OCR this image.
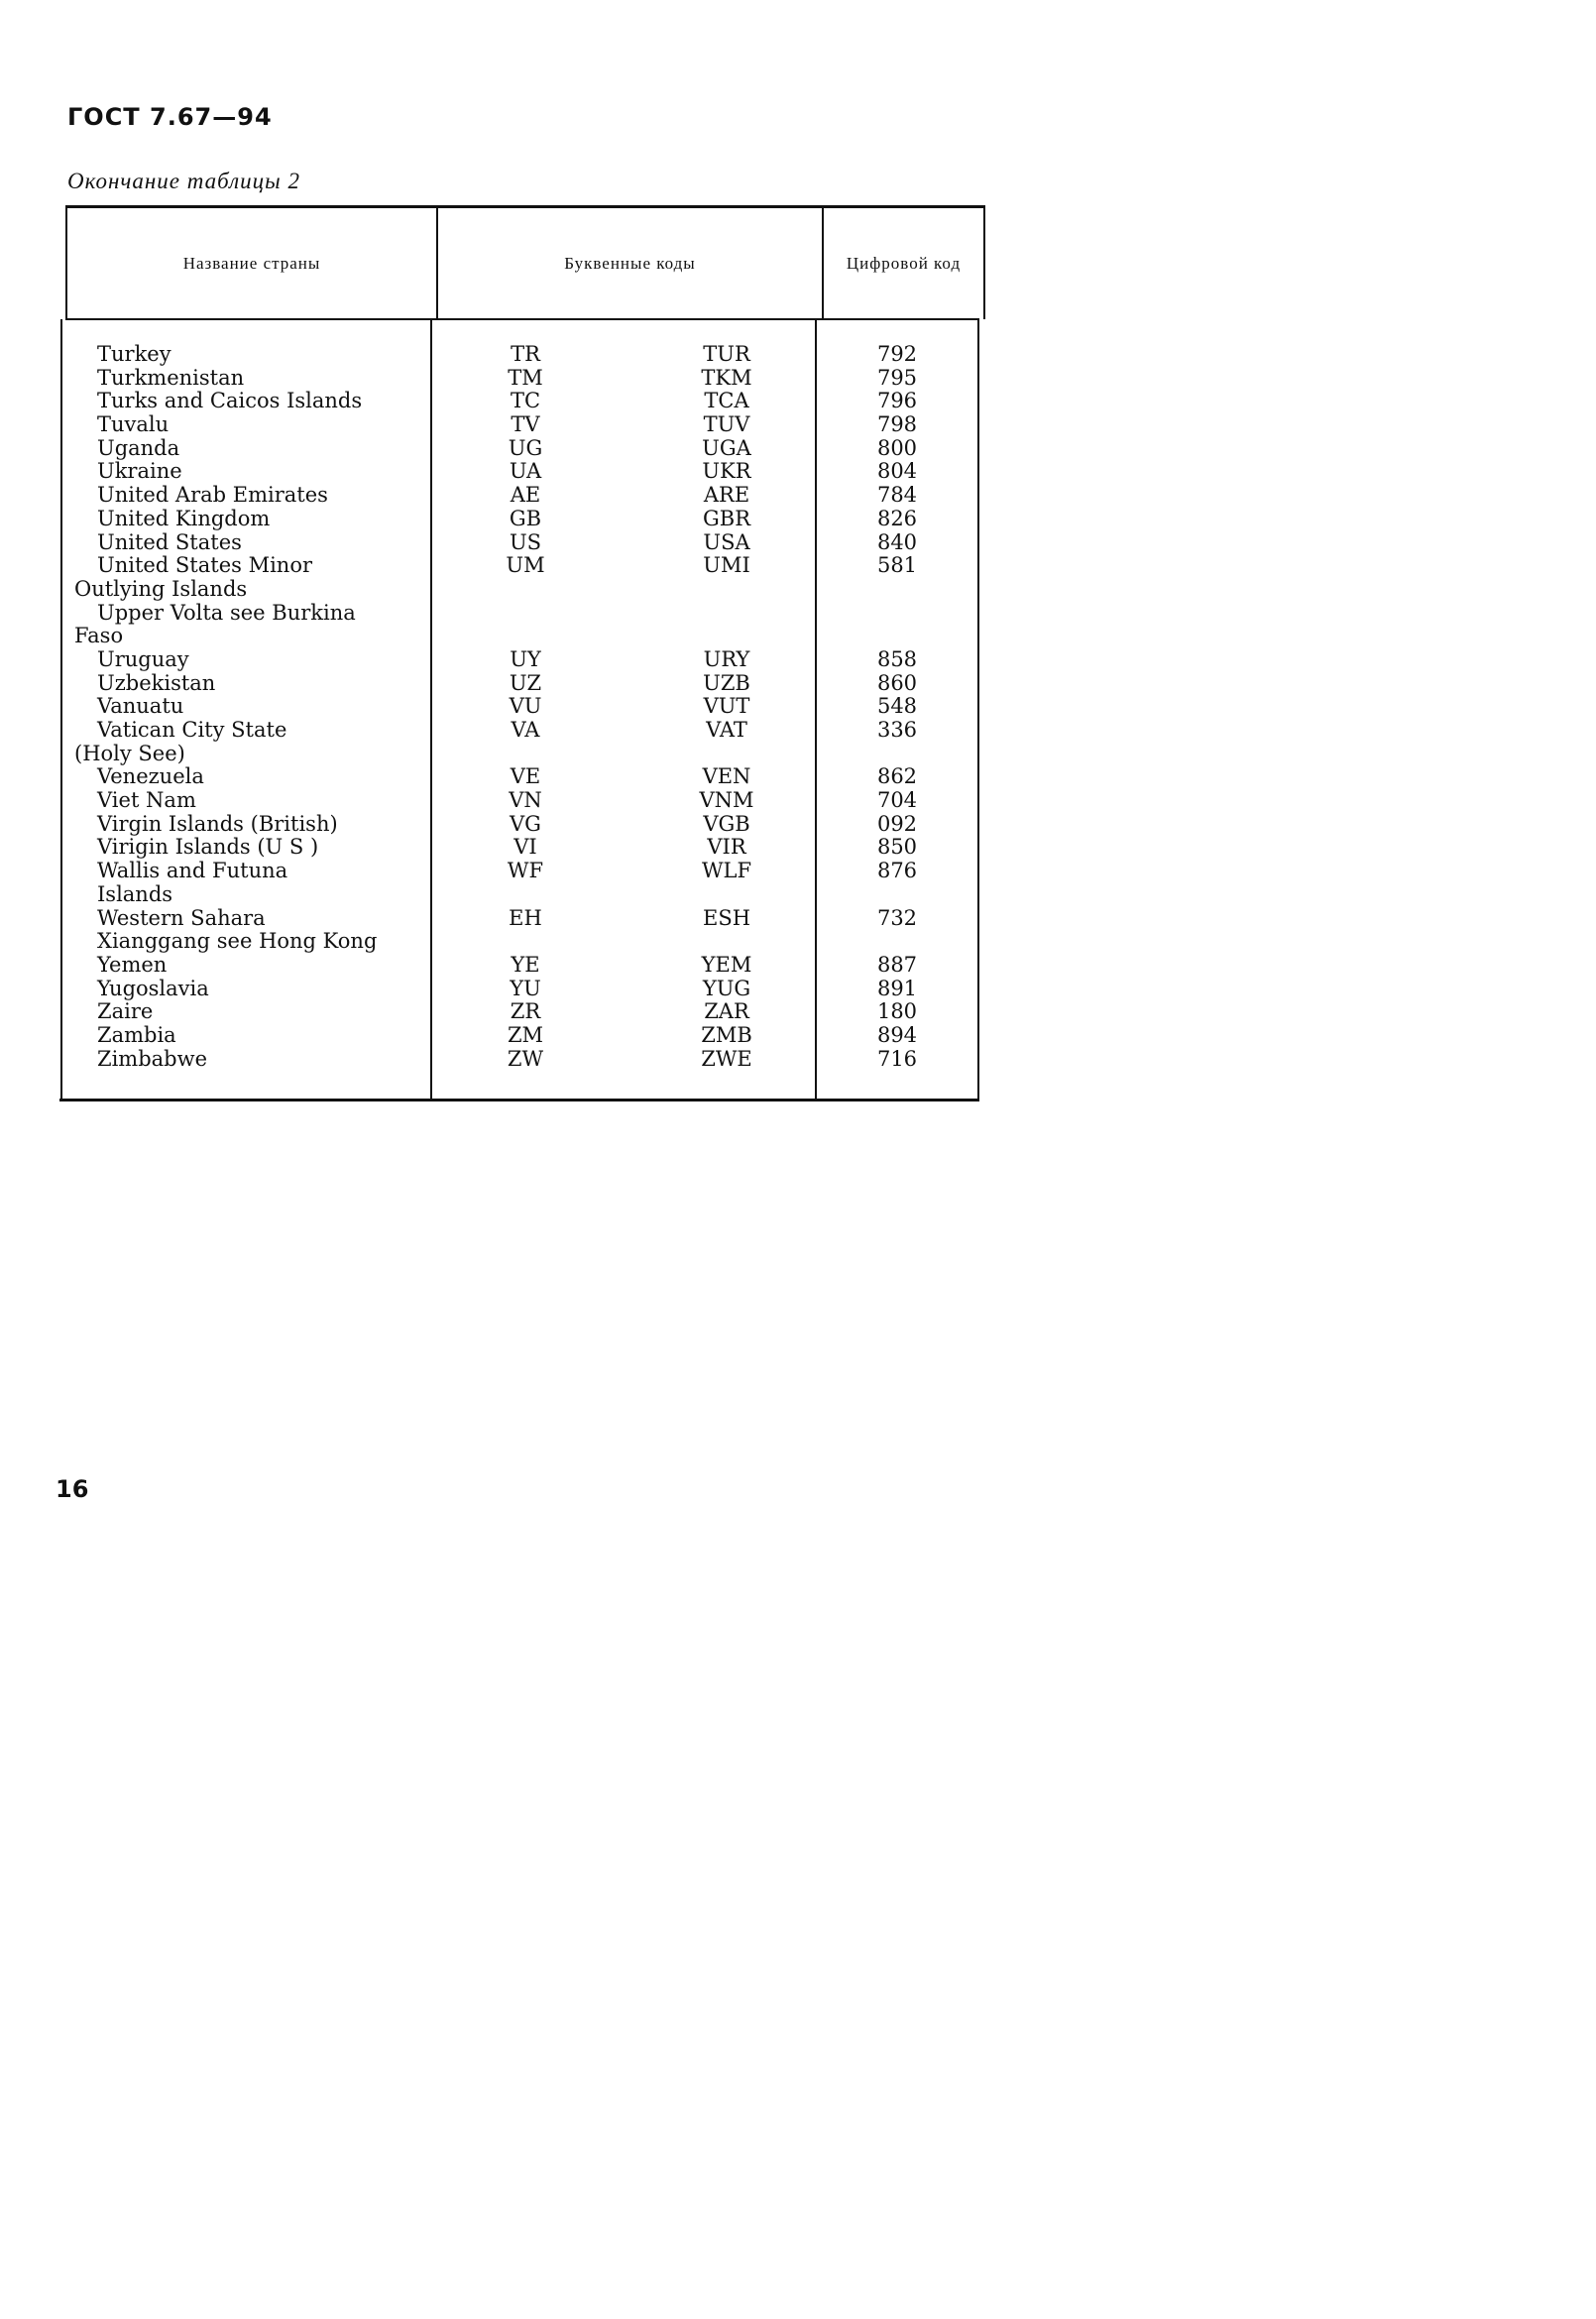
ГОСТ 7.67—94
Окончание таблицы 2
Название страны	Буквенные коды	Цифровой код
Turkey	TR	TUR	792
Turkmenistan	TM	TKM	795
Turks and Caicos Islands	TC	TCA	796
Tuvalu	TV	TUV	798
Uganda	UG	UGA	800
Ukraine	UA	UKR	804
United Arab Emirates	AE	ARE	784
United Kingdom	GB	GBR	826
United States	US	USA	840
United States Minor	UM	UMI	581
Outlying Islands
Upper Volta see Burkina
Faso
Uruguay	UY	URY	858
Uzbekistan	UZ	UZB	860
Vanuatu	VU	VUT	548
Vatican City State	VA	VAT	336
(Holy See)
Venezuela	VE	VEN	862
Viet Nam	VN	VNM	704
Virgin Islands (British)	VG	VGB	092
Virigin Islands (U S )	VI	VIR	850
Wallis and Futuna	WF	WLF	876
Islands
Western Sahara	EH	ESH	732
Xianggang see Hong Kong
Yemen	YE	YEM	887
Yugoslavia	YU	YUG	891
Zaire	ZR	ZAR	180
Zambia	ZM	ZMB	894
Zimbabwe	ZW	ZWE	716
16
